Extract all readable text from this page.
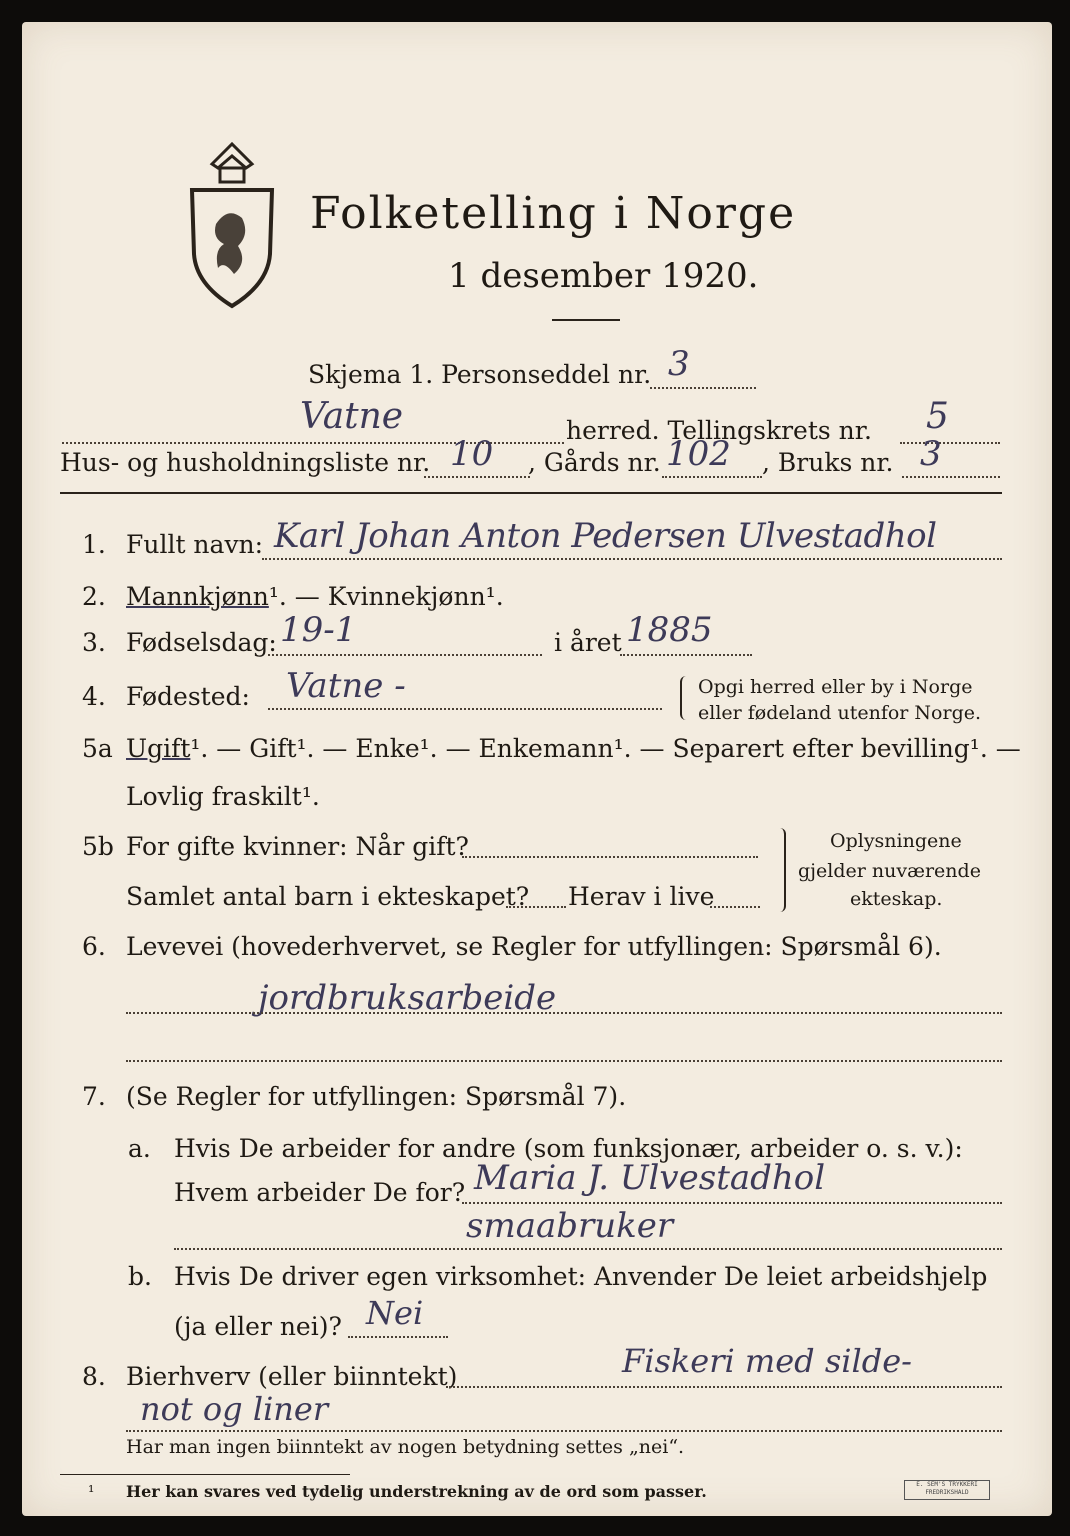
Folketelling i Norge
1 desember 1920.
Skjema 1. Personseddel nr. 3
Vatne	herred. Tellingskrets nr. 5
Hus- og husholdningsliste nr. 10 , Gårds nr. 102 , Bruks nr. 3
1. Fullt navn: Karl Johan Anton Pedersen Ulvestadhol
2. Mannkjønn¹. — Kvinnekjønn¹.
3. Fødselsdag: 19-1	i året 1885
4. Fødested: Vatne -	Opgi herred eller by i Norge
eller fødeland utenfor Norge.
5a Ugift¹. — Gift¹. — Enke¹. — Enkemann¹. — Separert efter bevilling¹. —
Lovlig fraskilt¹.
5b For gifte kvinner: Når gift?
Samlet antal barn i ekteskapet? Herav i live
Oplysningene
gjelder nuværende
ekteskap.
6. Levevei (hovederhvervet, se Regler for utfyllingen: Spørsmål 6).
jordbruksarbeide
7. (Se Regler for utfyllingen: Spørsmål 7).
a. Hvis De arbeider for andre (som funksjonær, arbeider o. s. v.):
Hvem arbeider De for? Maria J. Ulvestadhol
smaabruker
b. Hvis De driver egen virksomhet: Anvender De leiet arbeidshjelp
(ja eller nei)? Nei
8. Bierhverv (eller biinntekt)	Fiskeri med silde-
not og liner
Har man ingen biinntekt av nogen betydning settes „nei“.
¹ Her kan svares ved tydelig understrekning av de ord som passer.	E. SEM'S TRYKKERI FREDRIKSHALD
